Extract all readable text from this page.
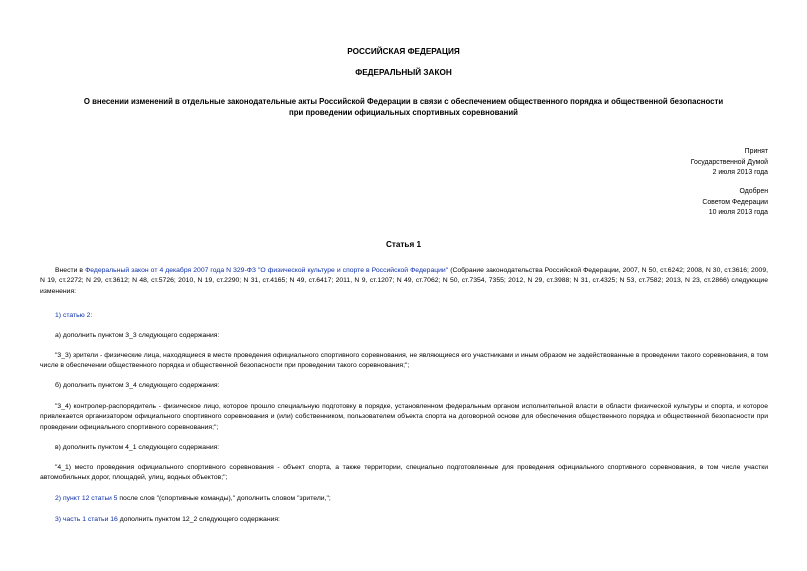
РОССИЙСКАЯ ФЕДЕРАЦИЯ
ФЕДЕРАЛЬНЫЙ ЗАКОН
О внесении изменений в отдельные законодательные акты Российской Федерации в связи с обеспечением общественного порядка и общественной безопасности
при проведении официальных спортивных соревнований
Принят
Государственной Думой
2 июля 2013 года
Одобрен
Советом Федерации
10 июля 2013 года
Статья 1
Внести в Федеральный закон от 4 декабря 2007 года N 329-ФЗ "О физической культуре и спорте в Российской Федерации" (Собрание законодательства Российской Федерации, 2007, N 50, ст.6242; 2008, N 30, ст.3616; 2009, N 19, ст.2272; N 29, ст.3612; N 48, ст.5726; 2010, N 19, ст.2290; N 31, ст.4165; N 49, ст.6417; 2011, N 9, ст.1207; N 49, ст.7062; N 50, ст.7354, 7355; 2012, N 29, ст.3988; N 31, ст.4325; N 53, ст.7582; 2013, N 23, ст.2866) следующие изменения:
1) статью 2:
а) дополнить пунктом 3_3 следующего содержания:
"3_3) зрители - физические лица, находящиеся в месте проведения официального спортивного соревнования, не являющиеся его участниками и иным образом не задействованные в проведении такого соревнования, в том числе в обеспечении общественного порядка и общественной безопасности при проведении такого соревнования;";
б) дополнить пунктом 3_4 следующего содержания:
"3_4) контролер-распорядитель - физическое лицо, которое прошло специальную подготовку в порядке, установленном федеральным органом исполнительной власти в области физической культуры и спорта, и которое привлекается организатором официального спортивного соревнования и (или) собственником, пользователем объекта спорта на договорной основе для обеспечения общественного порядка и общественной безопасности при проведении официального спортивного соревнования;";
в) дополнить пунктом 4_1 следующего содержания:
"4_1) место проведения официального спортивного соревнования - объект спорта, а также территории, специально подготовленные для проведения официального спортивного соревнования, в том числе участки автомобильных дорог, площадей, улиц, водных объектов;";
2) пункт 12 статьи 5 после слов "(спортивные команды)," дополнить словом "зрители,";
3) часть 1 статьи 16 дополнить пунктом 12_2 следующего содержания:
